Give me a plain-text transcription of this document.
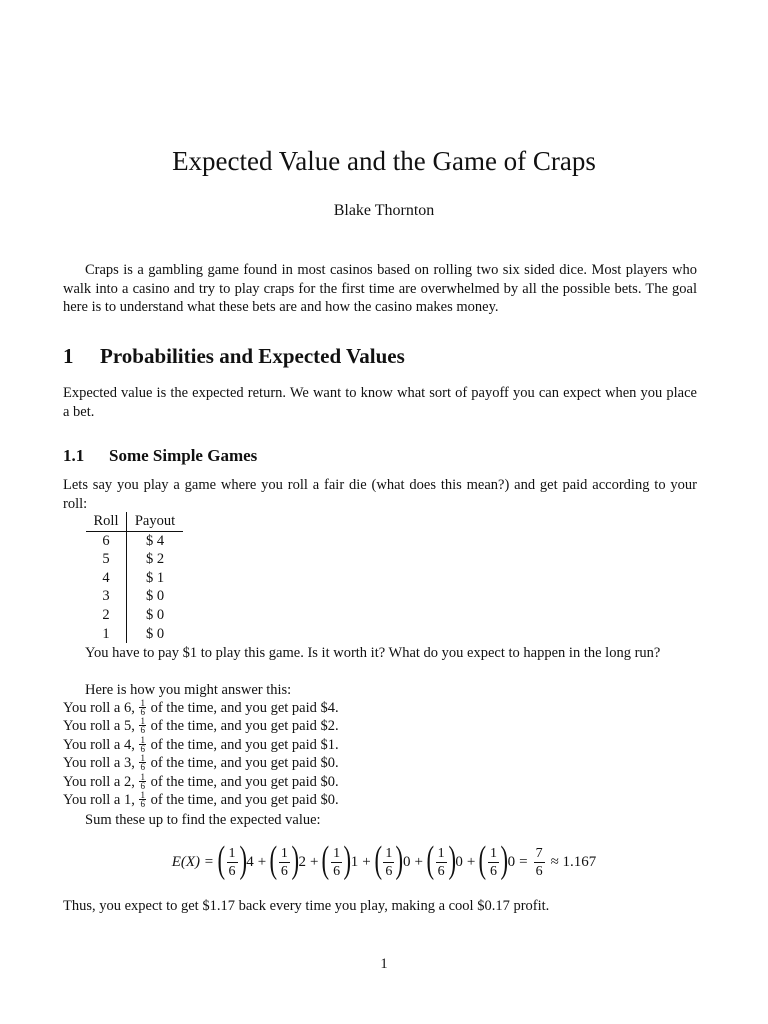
Expected Value and the Game of Craps
Blake Thornton

Craps is a gambling game found in most casinos based on rolling two six sided dice. Most players who walk into a casino and try to play craps for the first time are overwhelmed by all the possible bets. The goal here is to understand what these bets are and how the casino makes money.

1 Probabilities and Expected Values

Expected value is the expected return. We want to know what sort of payoff you can expect when you place a bet.

1.1 Some Simple Games

Lets say you play a game where you roll a fair die (what does this mean?) and get paid according to your roll:

Roll	Payout
6	$ 4
5	$ 2
4	$ 1
3	$ 0
2	$ 0
1	$ 0

You have to pay $1 to play this game. Is it worth it? What do you expect to happen in the long run?

Here is how you might answer this:
You roll a 6, $\frac{1}{6}$ of the time, and you get paid $4.
You roll a 5, $\frac{1}{6}$ of the time, and you get paid $2.
You roll a 4, $\frac{1}{6}$ of the time, and you get paid $1.
You roll a 3, $\frac{1}{6}$ of the time, and you get paid $0.
You roll a 2, $\frac{1}{6}$ of the time, and you get paid $0.
You roll a 1, $\frac{1}{6}$ of the time, and you get paid $0.
Sum these up to find the expected value:
E(X) = ( $\frac{1}{6}$ ) 4 + ( $\frac{1}{6}$ ) 2 + ( $\frac{1}{6}$ ) 1 + ( $\frac{1}{6}$ ) 0 + ( $\frac{1}{6}$ ) 0 + ( $\frac{1}{6}$ ) $0 = \frac{7}{6} \approx 1.167$
Thus, you expect to get $1.17 back every time you play, making a cool $0.17 profit.
1
